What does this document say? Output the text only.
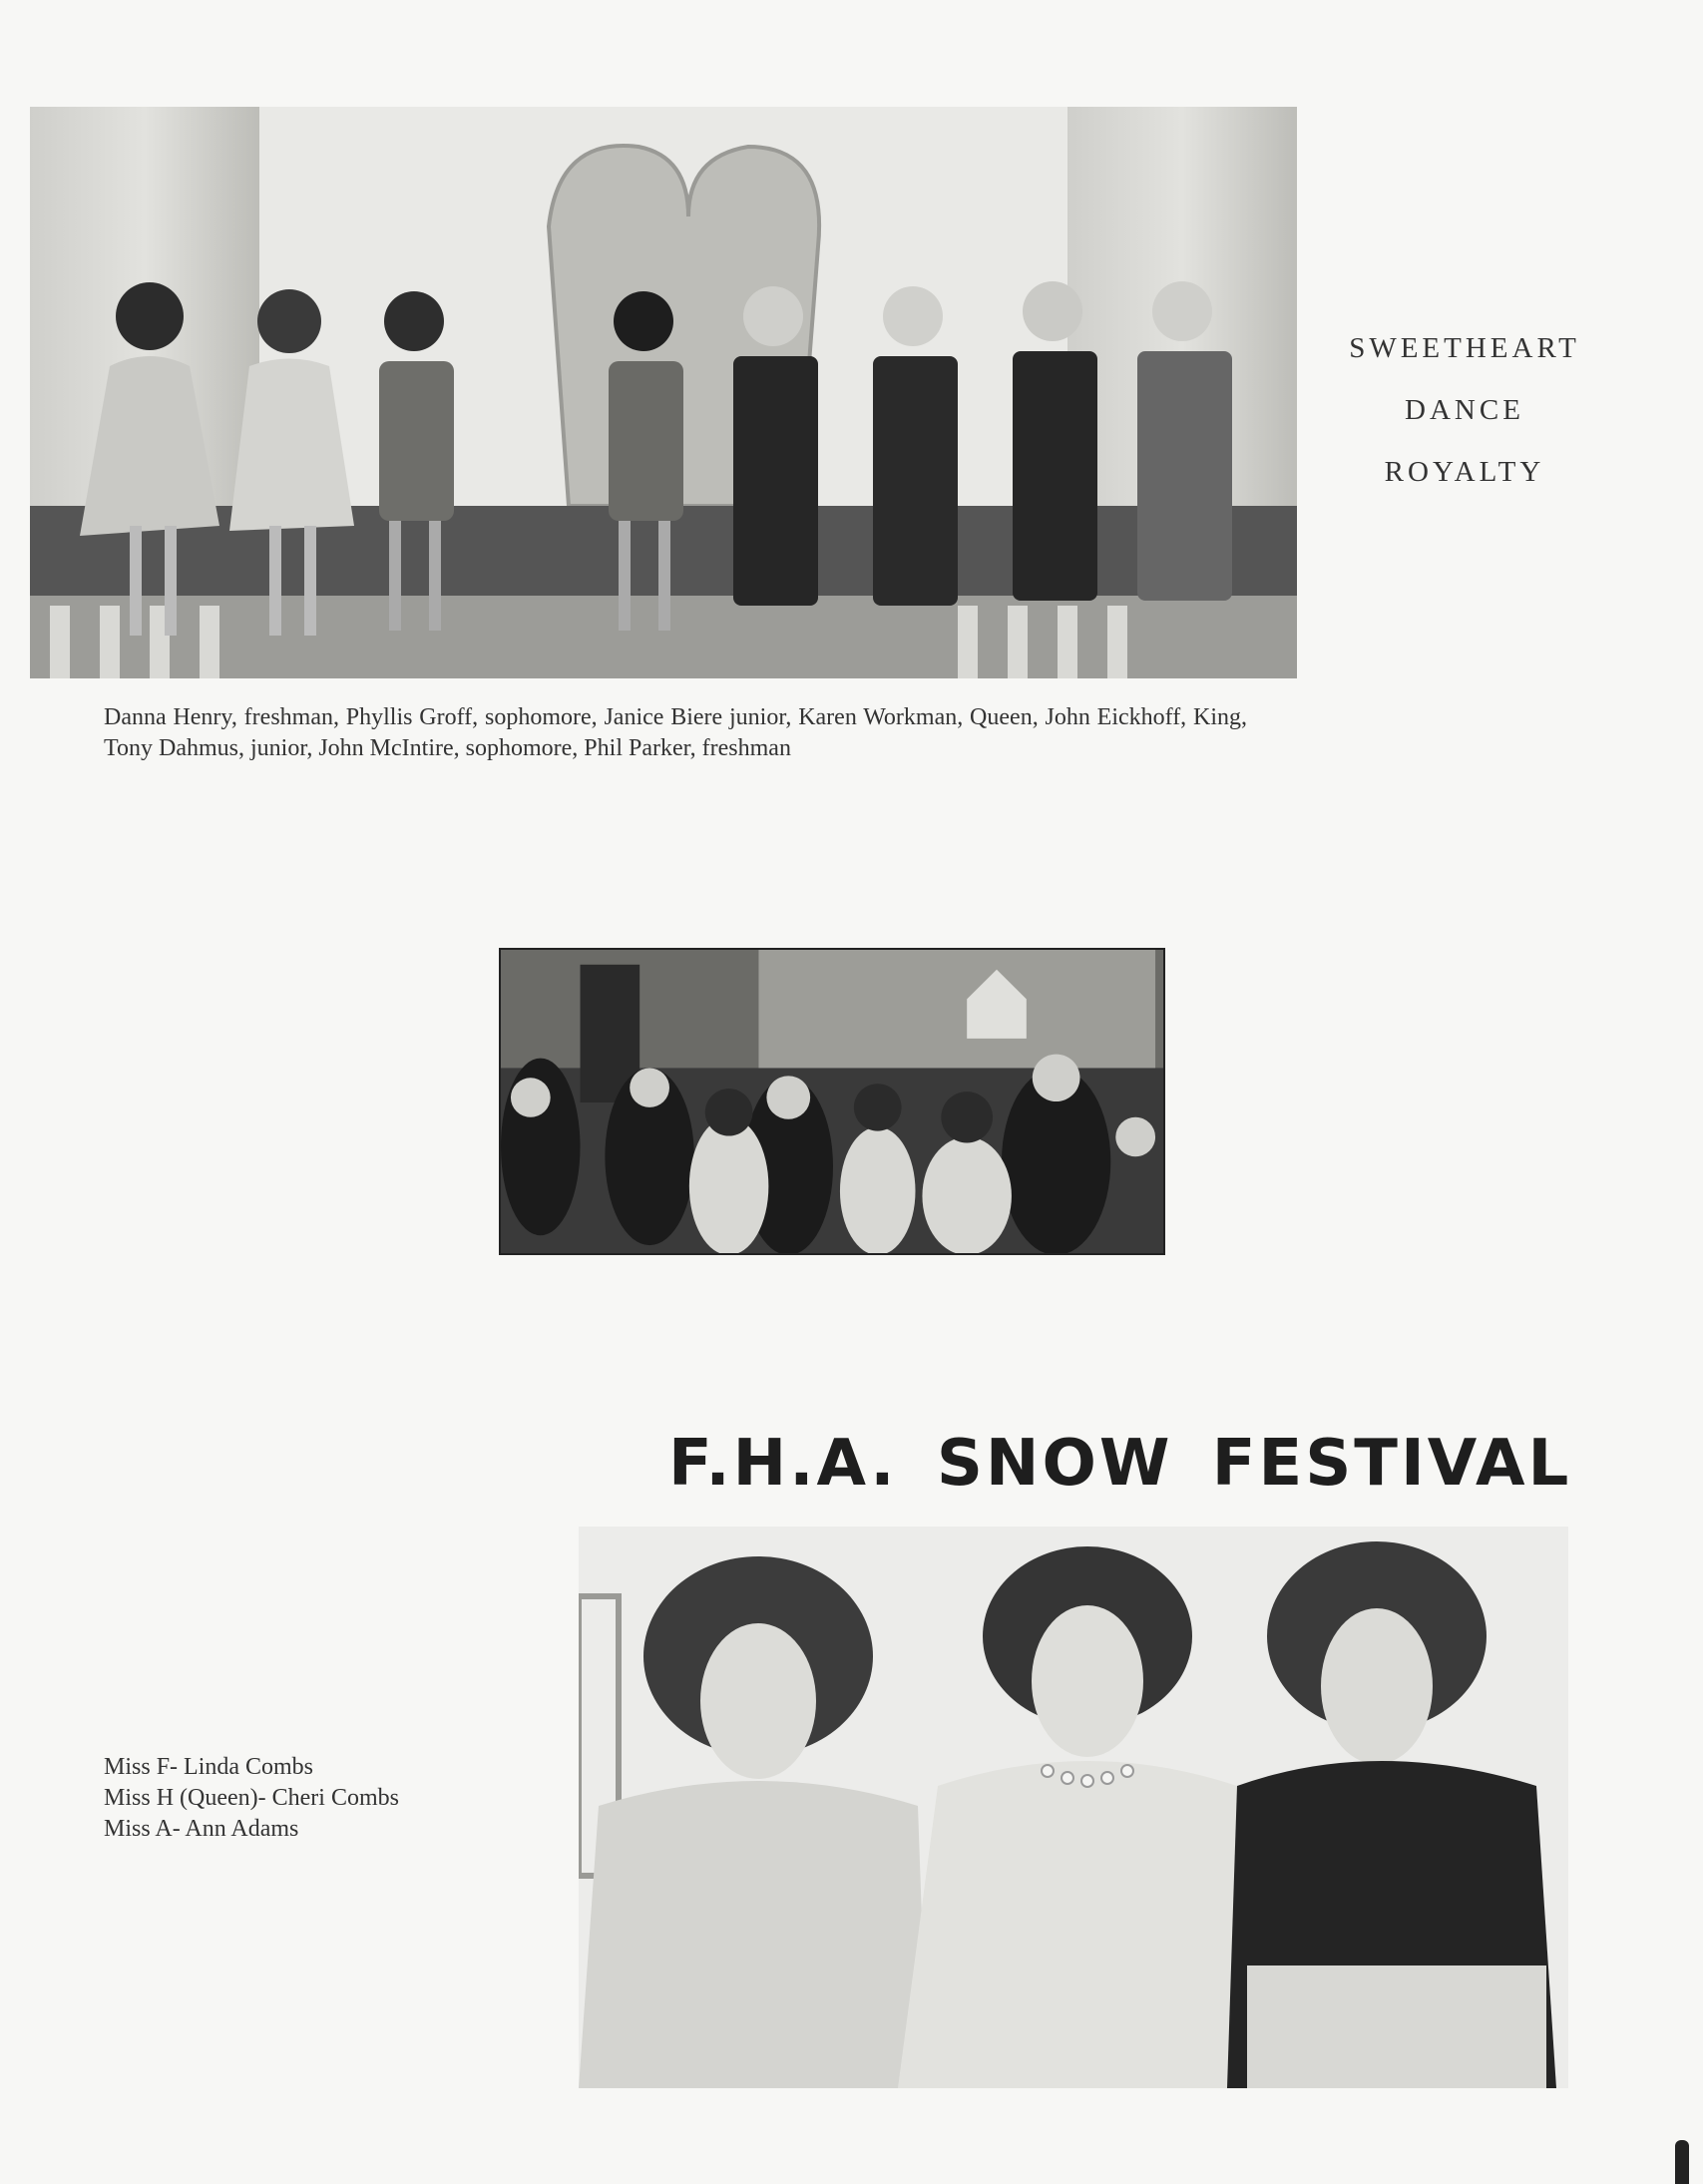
SWEETHEART
DANCE
ROYALTY
Danna Henry, freshman, Phyllis Groff, sophomore, Janice Biere junior, Karen Workman, Queen, John Eickhoff, King, Tony Dahmus, junior, John McIntire, sophomore, Phil Parker, freshman
F.H.A. SNOW FESTIVAL
Miss F- Linda Combs
Miss H (Queen)- Cheri Combs
Miss A- Ann Adams
